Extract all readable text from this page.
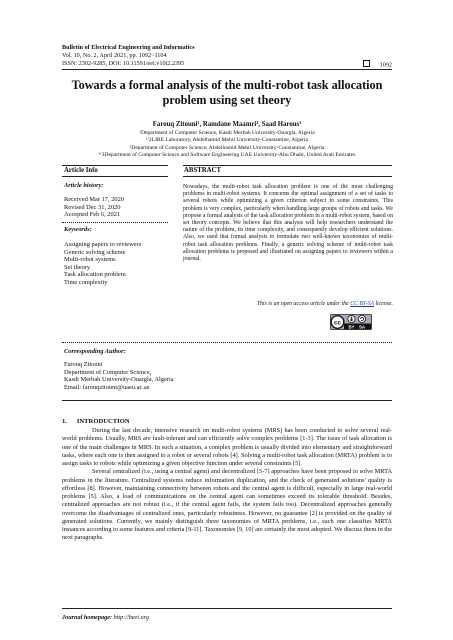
Bulletin of Electrical Engineering and Informatics
Vol. 10, No. 2, April 2021, pp. 1092~1104
ISSN: 2302-9285, DOI: 10.11591/eei.v10i2.2395	1092
Towards a formal analysis of the multi-robot task allocation problem using set theory
Farouq Zitouni¹, Ramdane Maamri², Saad Harous³
¹Department of Computer Science, Kasdi Merbah University-Ouargla, Algeria
¹ʹ2LIRE Laboratory, Abdelhamid Mehri University-Constantine, Algeria
²Department of Computer Science, Abdelhamid Mehri University-Constantine, Algeria
¹ʹ3Department of Computer Science and Software Engineering UAE University-Abu Dhabi, United Arab Emirates
Article Info	ABSTRACT
Article history:
Received Mar 17, 2020
Revised Dec 31, 2020
Accepted Feb 6, 2021
Keywords:
Assigning papers to reviewers
Generic solving scheme
Multi-robot systems
Set theory
Task allocation problem
Time complexity
Nowadays, the multi-robot task allocation problem is one of the most challenging problems in multi-robot systems. It concerns the optimal assignment of a set of tasks to several robots while optimizing a given criterion subject to some constraints. This problem is very complex, particularly when handling large groups of robots and tasks. We propose a formal analysis of the task allocation problem in a multi-robot system, based on set theory concepts. We believe that this analysis will help researchers understand the nature of the problem, its time complexity, and consequently develop efficient solutions. Also, we used that formal analysis to formulate two well-known taxonomies of multi-robot task allocation problems. Finally, a generic solving scheme of multi-robot task allocation problems is proposed and illustrated on assigning papers to reviewers within a journal.
This is an open access article under the CC BY-SA license.
cc
BY SA
Corresponding Author:
Farouq Zitouni
Department of Computer Science,
Kasdi Merbah University-Ouargla, Algeria
Email: farouqzitouni@uaeu.ac.ae
1.      INTRODUCTION

During the last decade, intensive research on multi-robot systems (MRS) has been conducted to solve several real-world problems. Usually, MRS are fault-tolerant and can efficiently solve complex problems [1-3]. The issue of task allocation is one of the main challenges in MRS. In such a situation, a complex problem is usually divided into elementary and straightforward tasks, where each one is then assigned to a robot or several robots [4]. Solving a multi-robot task allocation (MRTA) problem is to assign tasks to robots while optimizing a given objective function under several constraints [5].

Several centralized (i.e., using a central agent) and decentralized [5-7] approaches have been proposed to solve MRTA problems in the literature. Centralized systems reduce information duplication, and the check of generated solutions' quality is effortless [8]. However, maintaining connectivity between robots and the central agent is difficult, especially in large real-world problems [5]. Also, a load of communications on the central agent can sometimes exceed its tolerable threshold. Besides, centralized approaches are not robust (i.e., if the central agent fails, the system fails too). Decentralized approaches generally overcome the disadvantages of centralized ones, particularly robustness. However, no guarantee [2] is provided on the quality of generated solutions. Currently, we mainly distinguish three taxonomies of MRTA problems, i.e., each one classifies MRTA instances according to some features and criteria [9-11]. Taxonomies [9, 10] are certainly the most adopted. We discuss them in the next paragraphs.

Journal homepage: http://beei.org
